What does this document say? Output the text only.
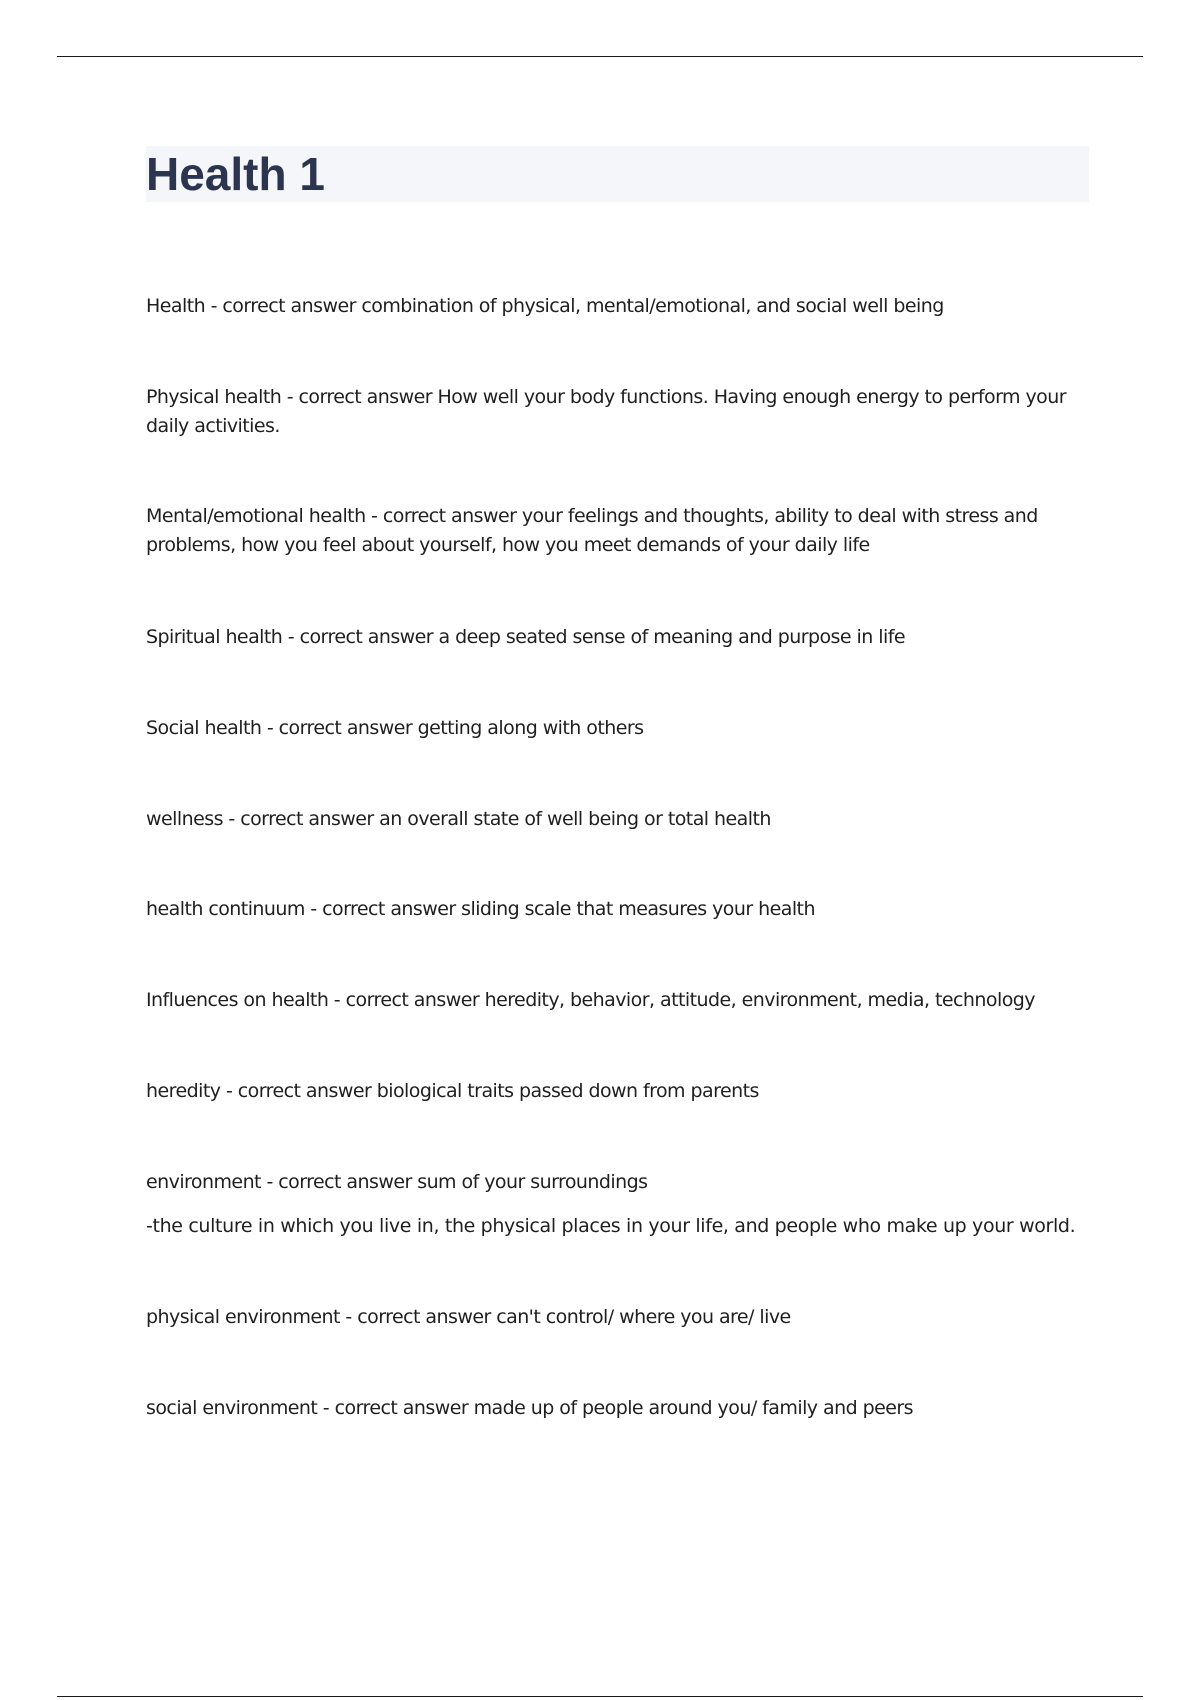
Health 1
Health - correct answer combination of physical, mental/emotional, and social well being
Physical health - correct answer How well your body functions. Having enough energy to perform your daily activities.
Mental/emotional health - correct answer your feelings and thoughts, ability to deal with stress and problems, how you feel about yourself, how you meet demands of your daily life
Spiritual health - correct answer a deep seated sense of meaning and purpose in life
Social health - correct answer getting along with others
wellness - correct answer an overall state of well being or total health
health continuum - correct answer sliding scale that measures your health
Influences on health - correct answer heredity, behavior, attitude, environment, media, technology
heredity - correct answer biological traits passed down from parents
environment - correct answer sum of your surroundings
-the culture in which you live in, the physical places in your life, and people who make up your world.
physical environment - correct answer can't control/ where you are/ live
social environment - correct answer made up of people around you/ family and peers
